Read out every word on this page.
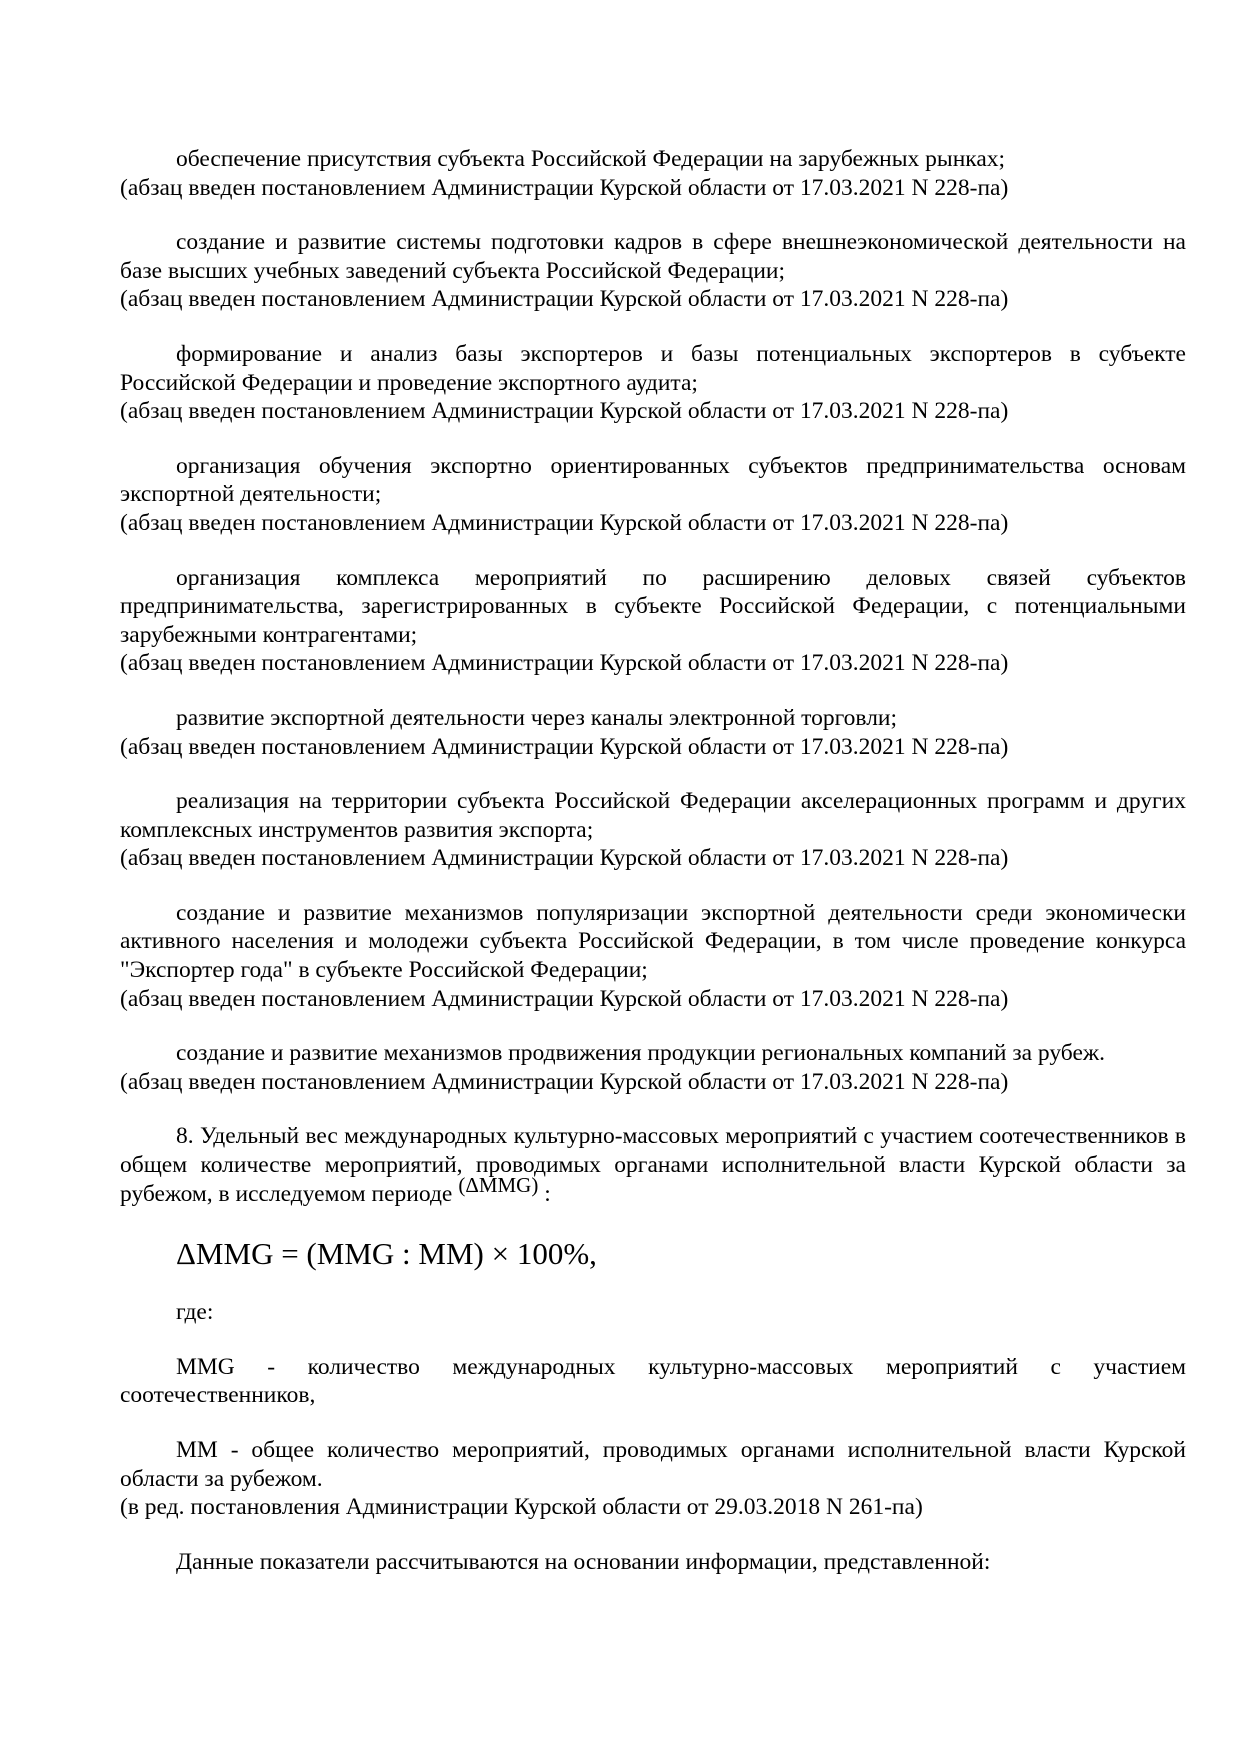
обеспечение присутствия субъекта Российской Федерации на зарубежных рынках;

(абзац введен постановлением Администрации Курской области от 17.03.2021 N 228-па)

создание и развитие системы подготовки кадров в сфере внешнеэкономической деятельности на базе высших учебных заведений субъекта Российской Федерации;

(абзац введен постановлением Администрации Курской области от 17.03.2021 N 228-па)

формирование и анализ базы экспортеров и базы потенциальных экспортеров в субъекте Российской Федерации и проведение экспортного аудита;

(абзац введен постановлением Администрации Курской области от 17.03.2021 N 228-па)

организация обучения экспортно ориентированных субъектов предпринимательства основам экспортной деятельности;

(абзац введен постановлением Администрации Курской области от 17.03.2021 N 228-па)

организация комплекса мероприятий по расширению деловых связей субъектов предпринимательства, зарегистрированных в субъекте Российской Федерации, с потенциальными зарубежными контрагентами;

(абзац введен постановлением Администрации Курской области от 17.03.2021 N 228-па)

развитие экспортной деятельности через каналы электронной торговли;

(абзац введен постановлением Администрации Курской области от 17.03.2021 N 228-па)

реализация на территории субъекта Российской Федерации акселерационных программ и других комплексных инструментов развития экспорта;

(абзац введен постановлением Администрации Курской области от 17.03.2021 N 228-па)

создание и развитие механизмов популяризации экспортной деятельности среди экономически активного населения и молодежи субъекта Российской Федерации, в том числе проведение конкурса "Экспортер года" в субъекте Российской Федерации;

(абзац введен постановлением Администрации Курской области от 17.03.2021 N 228-па)

создание и развитие механизмов продвижения продукции региональных компаний за рубеж.

(абзац введен постановлением Администрации Курской области от 17.03.2021 N 228-па)

8. Удельный вес международных культурно-массовых мероприятий с участием соотечественников в общем количестве мероприятий, проводимых органами исполнительной власти Курской области за рубежом, в исследуемом периоде (ΔMMG) :

ΔMMG = (MMG : MM) × 100%,

где:

MMG - количество международных культурно-массовых мероприятий с участием соотечественников,

MM - общее количество мероприятий, проводимых органами исполнительной власти Курской области за рубежом.

(в ред. постановления Администрации Курской области от 29.03.2018 N 261-па)

Данные показатели рассчитываются на основании информации, представленной:
